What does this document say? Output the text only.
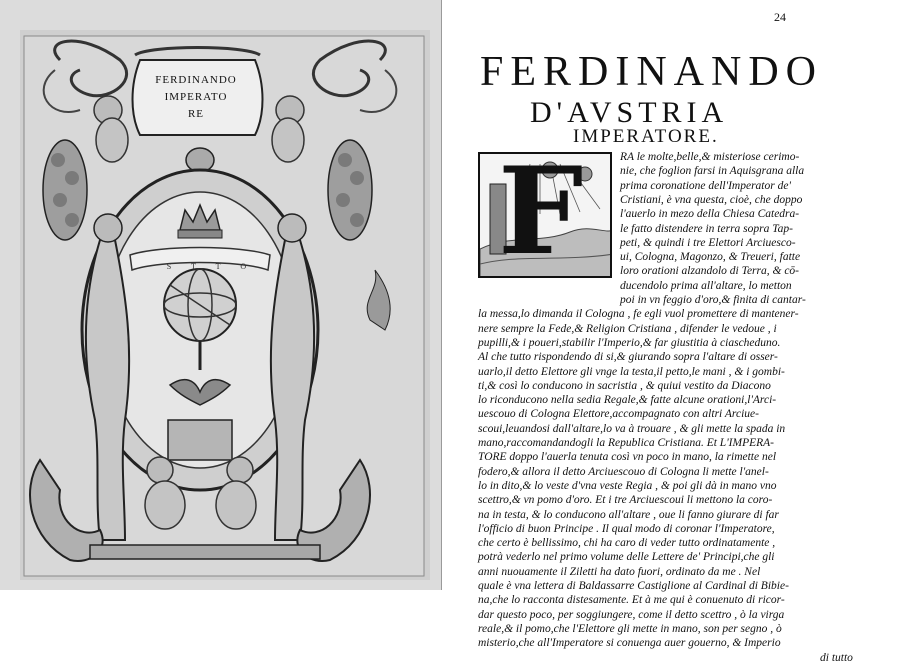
FERDINANDO
IMPERATO
RE
S T T O
24
FERDINANDO
D'AVSTRIA
IMPERATORE.
F	RA le molte,belle,& misteriose cerimo-
nie, che foglion farsi in Aquisgrana alla
prima coronatione dell'Imperator de'
Cristiani, è vna questa, cioè, che doppo
l'auerlo in mezo della Chiesa Catedra-
le fatto distendere in terra sopra Tap-
peti, & quindi i tre Elettori Arciuesco-
ui, Cologna, Magonzo, & Treueri, fatte
loro orationi alzandolo di Terra, & cō-
ducendolo prima all'altare, lo metton
poi in vn feggio d'oro,& finita di cantar-
la messa,lo dimanda il Cologna , fe egli vuol promettere di mantener-
nere sempre la Fede,& Religion Cristiana , difender le vedoue , i
pupilli,& i poueri,stabilir l'Imperio,& far giustitia à ciascheduno.
Al che tutto rispondendo di si,& giurando sopra l'altare di osser-
uarlo,il detto Elettore gli vnge la testa,il petto,le mani , & i gombi-
ti,& così lo conducono in sacristia , & quiui vestito da Diacono
lo riconducono nella sedia Regale,& fatte alcune orationi,l'Arci-
uescouo di Cologna Elettore,accompagnato con altri Arciue-
scoui,leuandosi dall'altare,lo va à trouare , & gli mette la spada in
mano,raccomandandogli la Republica Cristiana. Et L'IMPERA-
TORE doppo l'auerla tenuta così vn poco in mano, la rimette nel
fodero,& allora il detto Arciuescouo di Cologna li mette l'anel-
lo in dito,& lo veste d'vna veste Regia , & poi gli dà in mano vno
scettro,& vn pomo d'oro. Et i tre Arciuescoui li mettono la coro-
na in testa, & lo conducono all'altare , oue li fanno giurare di far
l'officio di buon Principe . Il qual modo di coronar l'Imperatore,
che certo è bellissimo, chi ha caro di veder tutto ordinatamente ,
potrà vederlo nel primo volume delle Lettere de' Principi,che gli
anni nuouamente il Ziletti ha dato fuori, ordinato da me . Nel
quale è vna lettera di Baldassarre Castiglione al Cardinal di Bibie-
na,che lo racconta distesamente. Et à me qui è conuenuto di ricor-
dar questo poco, per soggiungere, come il detto scettro , ò la virga
reale,& il pomo,che l'Elettore gli mette in mano, son per segno , ò
misterio,che all'Imperatore si conuenga auer gouerno, & Imperio
di tutto
